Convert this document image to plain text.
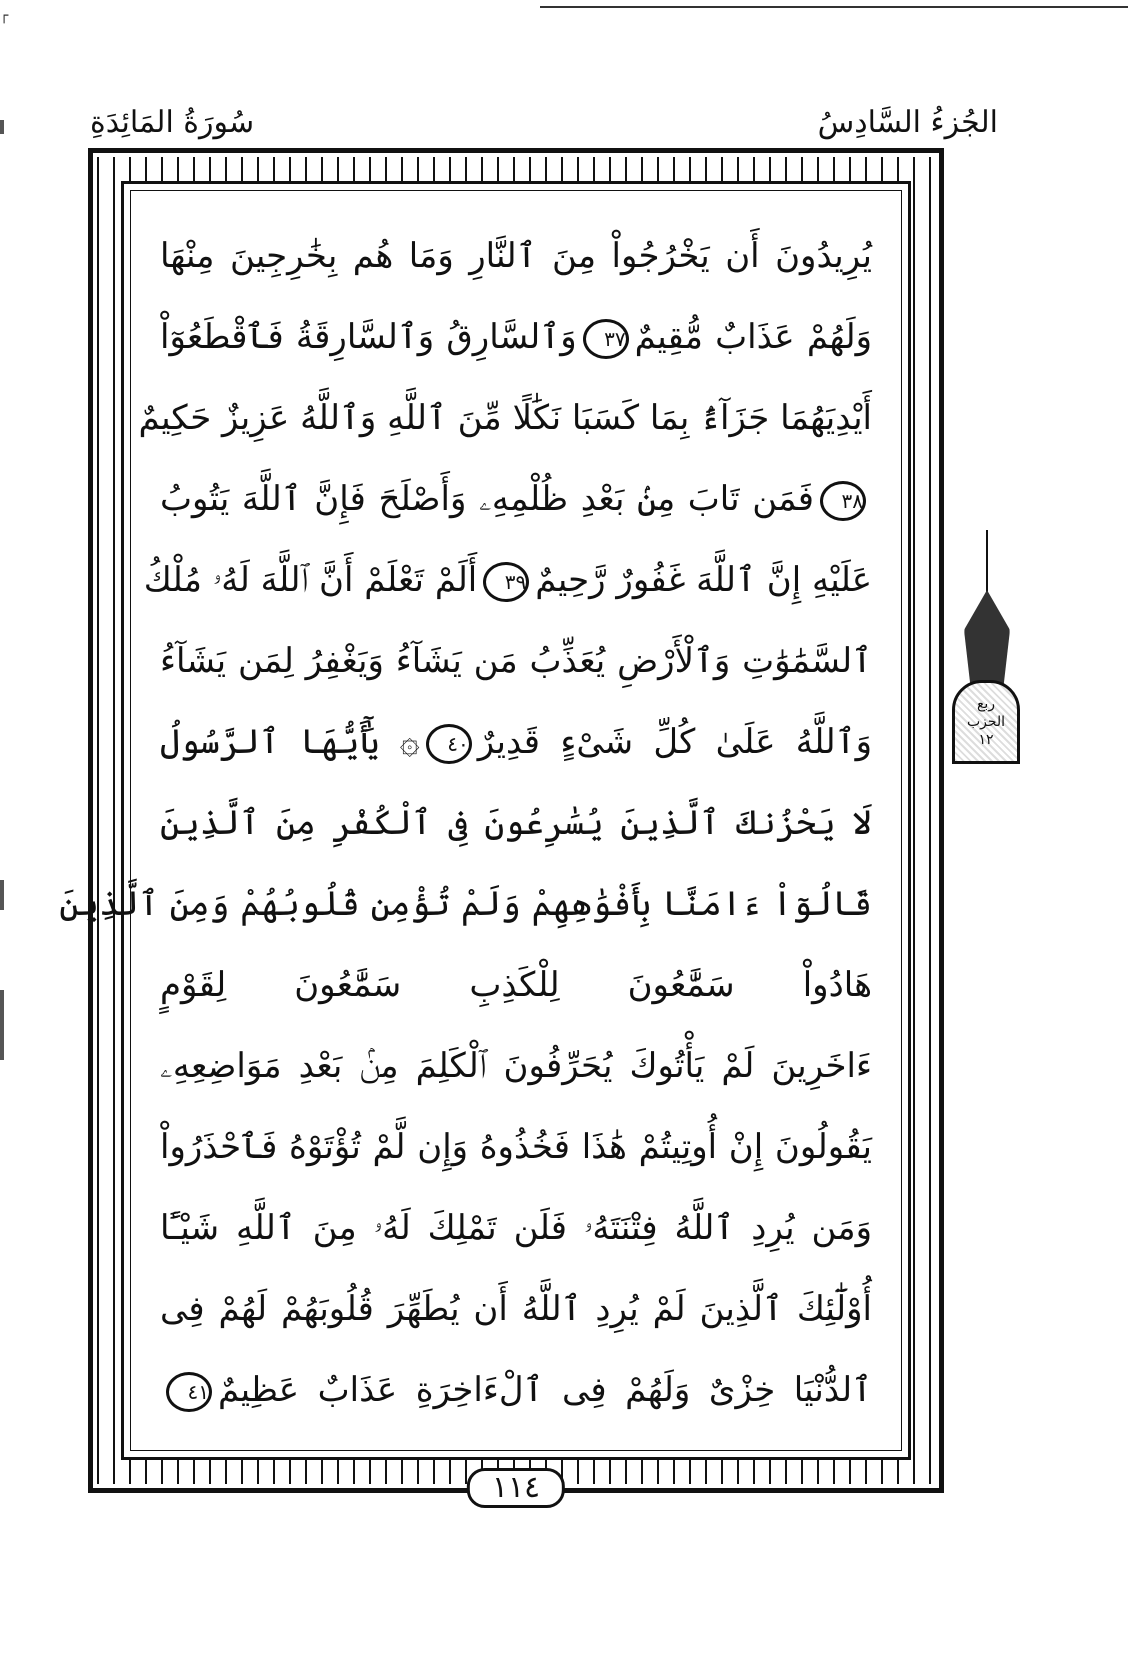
┌
الجُزءُ السَّادِسُ
سُورَةُ المَائِدَةِ
يُرِيدُونَ أَن يَخْرُجُواْ مِنَ ٱلنَّارِ وَمَا هُم بِخَٰرِجِينَ مِنْهَا
وَلَهُمْ عَذَابٌ مُّقِيمٌ٣٧وَٱلسَّارِقُ وَٱلسَّارِقَةُ فَٱقْطَعُوٓاْ
أَيْدِيَهُمَا جَزَآءًۢ بِمَا كَسَبَا نَكَٰلًا مِّنَ ٱللَّهِ وَٱللَّهُ عَزِيزٌ حَكِيمٌ
٣٨فَمَن تَابَ مِنۢ بَعْدِ ظُلْمِهِۦ وَأَصْلَحَ فَإِنَّ ٱللَّهَ يَتُوبُ
عَلَيْهِ إِنَّ ٱللَّهَ غَفُورٌ رَّحِيمٌ٣٩أَلَمْ تَعْلَمْ أَنَّ ٱللَّهَ لَهُۥ مُلْكُ
ٱلسَّمَٰوَٰتِ وَٱلْأَرْضِ يُعَذِّبُ مَن يَشَآءُ وَيَغْفِرُ لِمَن يَشَآءُ
وَٱللَّهُ عَلَىٰ كُلِّ شَىْءٍ قَدِيرٌ٤٠۞ يَٰٓأَيُّهَا ٱلرَّسُولُ
لَا يَحْزُنكَ ٱلَّذِينَ يُسَٰرِعُونَ فِى ٱلْكُفْرِ مِنَ ٱلَّذِينَ
قَالُوٓاْ ءَامَنَّا بِأَفْوَٰهِهِمْ وَلَمْ تُؤْمِن قُلُوبُهُمْ وَمِنَ ٱلَّذِينَ
هَادُواْ سَمَّٰعُونَ لِلْكَذِبِ سَمَّٰعُونَ لِقَوْمٍ
ءَاخَرِينَ لَمْ يَأْتُوكَ يُحَرِّفُونَ ٱلْكَلِمَ مِنۢ بَعْدِ مَوَاضِعِهِۦ
يَقُولُونَ إِنْ أُوتِيتُمْ هَٰذَا فَخُذُوهُ وَإِن لَّمْ تُؤْتَوْهُ فَٱحْذَرُواْ
وَمَن يُرِدِ ٱللَّهُ فِتْنَتَهُۥ فَلَن تَمْلِكَ لَهُۥ مِنَ ٱللَّهِ شَيْـًٔا
أُوْلَٰٓئِكَ ٱلَّذِينَ لَمْ يُرِدِ ٱللَّهُ أَن يُطَهِّرَ قُلُوبَهُمْ لَهُمْ فِى
ٱلدُّنْيَا خِزْىٌ وَلَهُمْ فِى ٱلْءَاخِرَةِ عَذَابٌ عَظِيمٌ٤١
١١٤
ربع
الحزب
١٢
